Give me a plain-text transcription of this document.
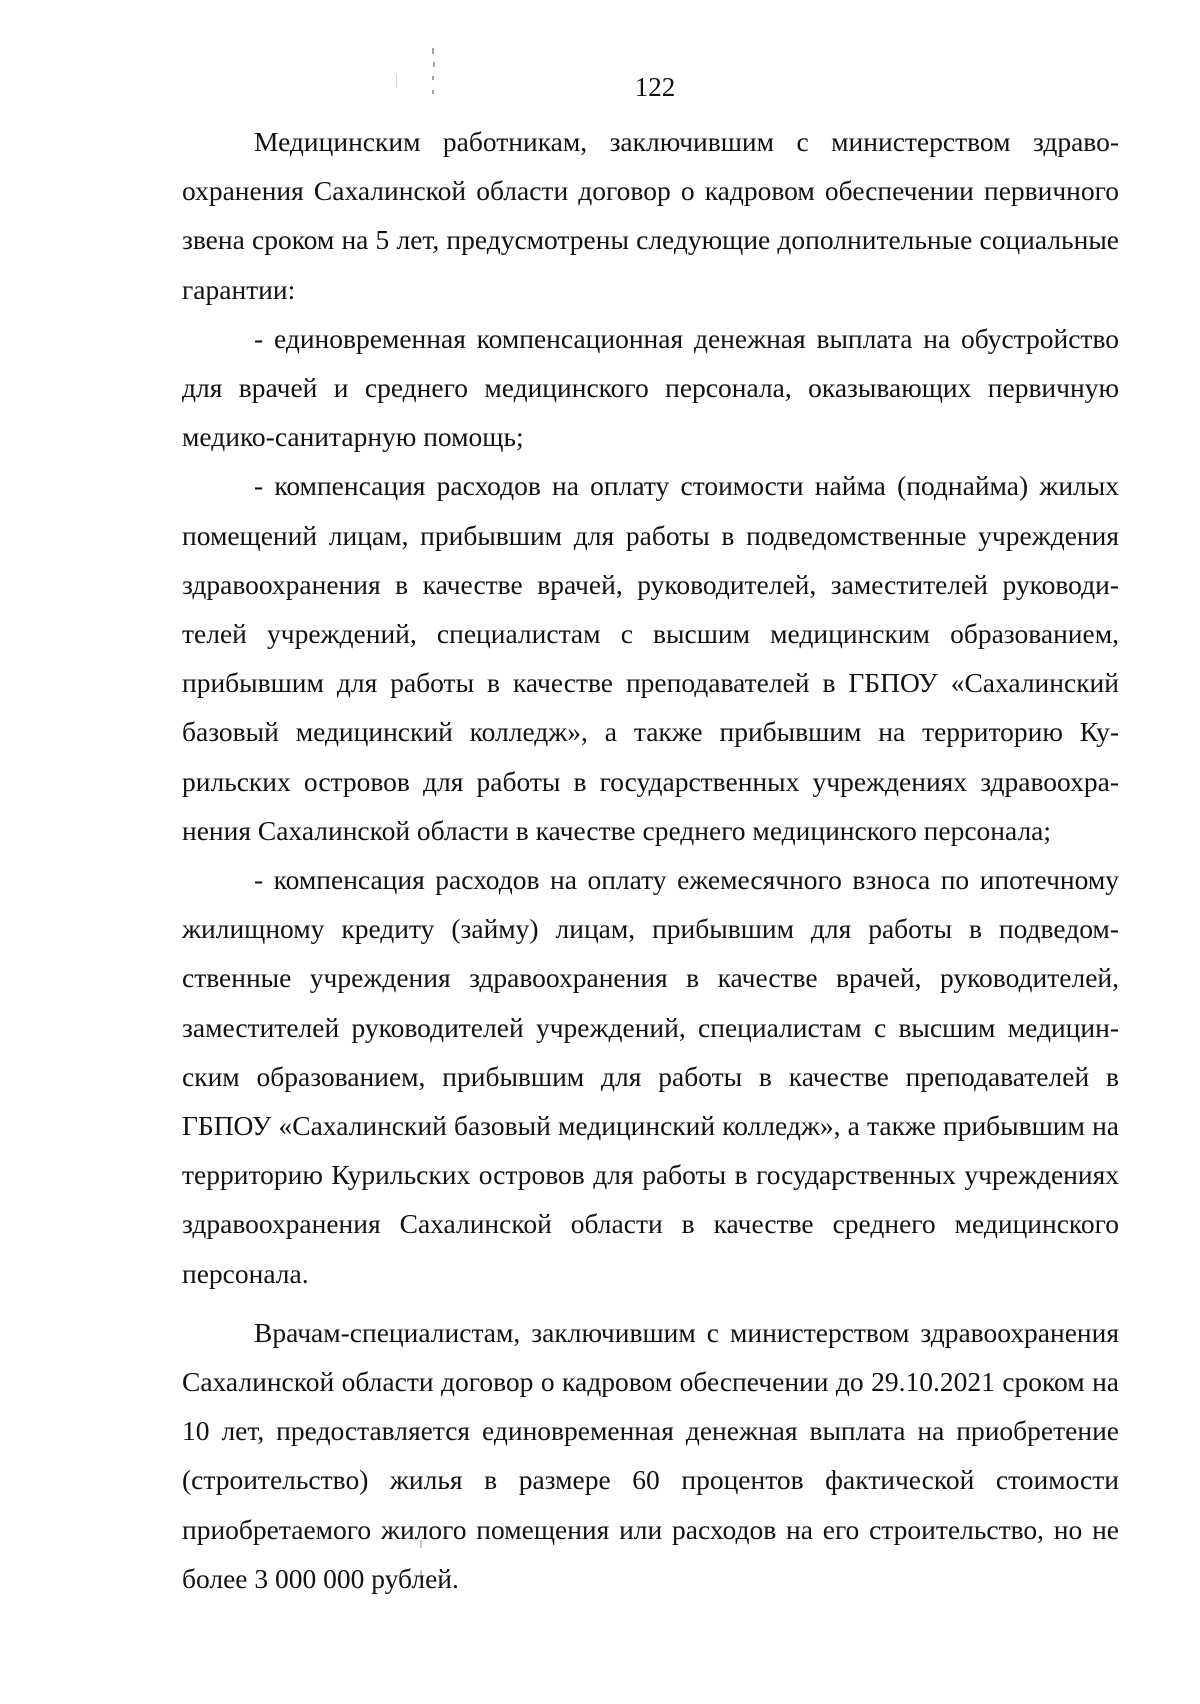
122

Медицинским работникам, заключившим с министерством здравоохранения Сахалинской области договор о кадровом обеспечении первичного звена сроком на 5 лет, предусмотрены следующие дополнительные социальные гарантии:

- единовременная компенсационная денежная выплата на обустройство для врачей и среднего медицинского персонала, оказывающих первичную медико-санитарную помощь;

- компенсация расходов на оплату стоимости найма (поднайма) жилых помещений лицам, прибывшим для работы в подведомственные учреждения здравоохранения в качестве врачей, руководителей, заместителей руководителей учреждений, специалистам с высшим медицинским образованием, прибывшим для работы в качестве преподавателей в ГБПОУ «Сахалинский базовый медицинский колледж», а также прибывшим на территорию Курильских островов для работы в государственных учреждениях здравоохранения Сахалинской области в качестве среднего медицинского персонала;

- компенсация расходов на оплату ежемесячного взноса по ипотечному жилищному кредиту (займу) лицам, прибывшим для работы в подведомственные учреждения здравоохранения в качестве врачей, руководителей, заместителей руководителей учреждений, специалистам с высшим медицинским образованием, прибывшим для работы в качестве преподавателей в ГБПОУ «Сахалинский базовый медицинский колледж», а также прибывшим на территорию Курильских островов для работы в государственных учреждениях здравоохранения Сахалинской области в качестве среднего медицинского персонала.

Врачам-специалистам, заключившим с министерством здравоохранения Сахалинской области договор о кадровом обеспечении до 29.10.2021 сроком на 10 лет, предоставляется единовременная денежная выплата на приобретение (строительство) жилья в размере 60 процентов фактической стоимости приобретаемого жилого помещения или расходов на его строительство, но не более 3 000 000 рублей.
